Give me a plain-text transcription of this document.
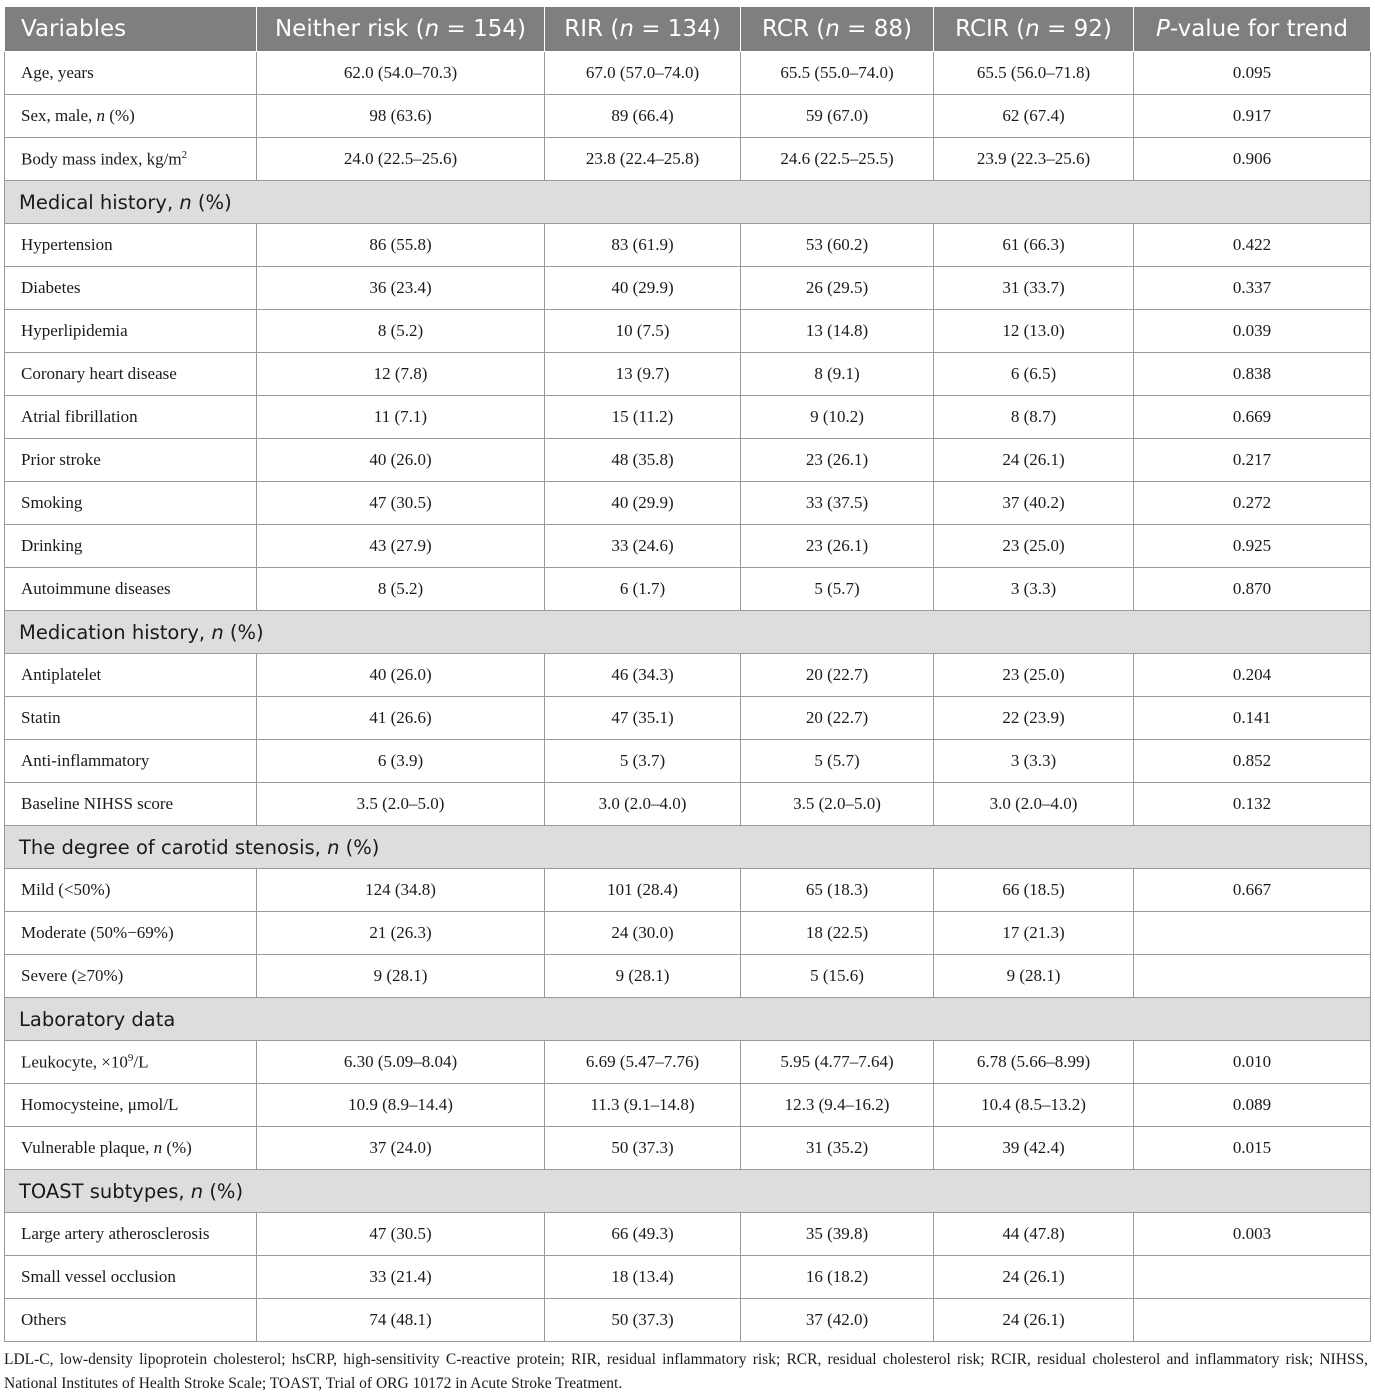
Variables	Neither risk (n = 154)	RIR (n = 134)	RCR (n = 88)	RCIR (n = 92)	P-value for trend
Age, years	62.0 (54.0–70.3)	67.0 (57.0–74.0)	65.5 (55.0–74.0)	65.5 (56.0–71.8)	0.095
Sex, male, n (%)	98 (63.6)	89 (66.4)	59 (67.0)	62 (67.4)	0.917
Body mass index, $kg/m^2$	24.0 (22.5–25.6)	23.8 (22.4–25.8)	24.6 (22.5–25.5)	23.9 (22.3–25.6)	0.906
Medical history, n (%)					
Hypertension	86 (55.8)	83 (61.9)	53 (60.2)	61 (66.3)	0.422
Diabetes	36 (23.4)	40 (29.9)	26 (29.5)	31 (33.7)	0.337
Hyperlipidemia	8 (5.2)	10 (7.5)	13 (14.8)	12 (13.0)	0.039
Coronary heart disease	12 (7.8)	13 (9.7)	8 (9.1)	6 (6.5)	0.838
Atrial fibrillation	11 (7.1)	15 (11.2)	9 (10.2)	8 (8.7)	0.669
Prior stroke	40 (26.0)	48 (35.8)	23 (26.1)	24 (26.1)	0.217
Smoking	47 (30.5)	40 (29.9)	33 (37.5)	37 (40.2)	0.272
Drinking	43 (27.9)	33 (24.6)	23 (26.1)	23 (25.0)	0.925
Autoimmune diseases	8 (5.2)	6 (1.7)	5 (5.7)	3 (3.3)	0.870
Medication history, n (%)					
Antiplatelet	40 (26.0)	46 (34.3)	20 (22.7)	23 (25.0)	0.204
Statin	41 (26.6)	47 (35.1)	20 (22.7)	22 (23.9)	0.141
Anti-inflammatory	6 (3.9)	5 (3.7)	5 (5.7)	3 (3.3)	0.852
Baseline NIHSS score	3.5 (2.0–5.0)	3.0 (2.0–4.0)	3.5 (2.0–5.0)	3.0 (2.0–4.0)	0.132
The degree of carotid stenosis, n (%)					
Mild (<50%)	124 (34.8)	101 (28.4)	65 (18.3)	66 (18.5)	0.667
Moderate (50%−69%)	21 (26.3)	24 (30.0)	18 (22.5)	17 (21.3)	
Severe (≥70%)	9 (28.1)	9 (28.1)	5 (15.6)	9 (28.1)	
Laboratory data					
Leukocyte, $\times 10^9/L$	6.30 (5.09–8.04)	6.69 (5.47–7.76)	5.95 (4.77–7.64)	6.78 (5.66–8.99)	0.010
Homocysteine, μmol/L	10.9 (8.9–14.4)	11.3 (9.1–14.8)	12.3 (9.4–16.2)	10.4 (8.5–13.2)	0.089
Vulnerable plaque, n (%)	37 (24.0)	50 (37.3)	31 (35.2)	39 (42.4)	0.015
TOAST subtypes, n (%)					
Large artery atherosclerosis	47 (30.5)	66 (49.3)	35 (39.8)	44 (47.8)	0.003
Small vessel occlusion	33 (21.4)	18 (13.4)	16 (18.2)	24 (26.1)	
Others	74 (48.1)	50 (37.3)	37 (42.0)	24 (26.1)	
LDL-C, low-density lipoprotein cholesterol; hsCRP, high-sensitivity C-reactive protein; RIR, residual inflammatory risk; RCR, residual cholesterol risk; RCIR, residual cholesterol and inflammatory risk; NIHSS, National Institutes of Health Stroke Scale; TOAST, Trial of ORG 10172 in Acute Stroke Treatment.
